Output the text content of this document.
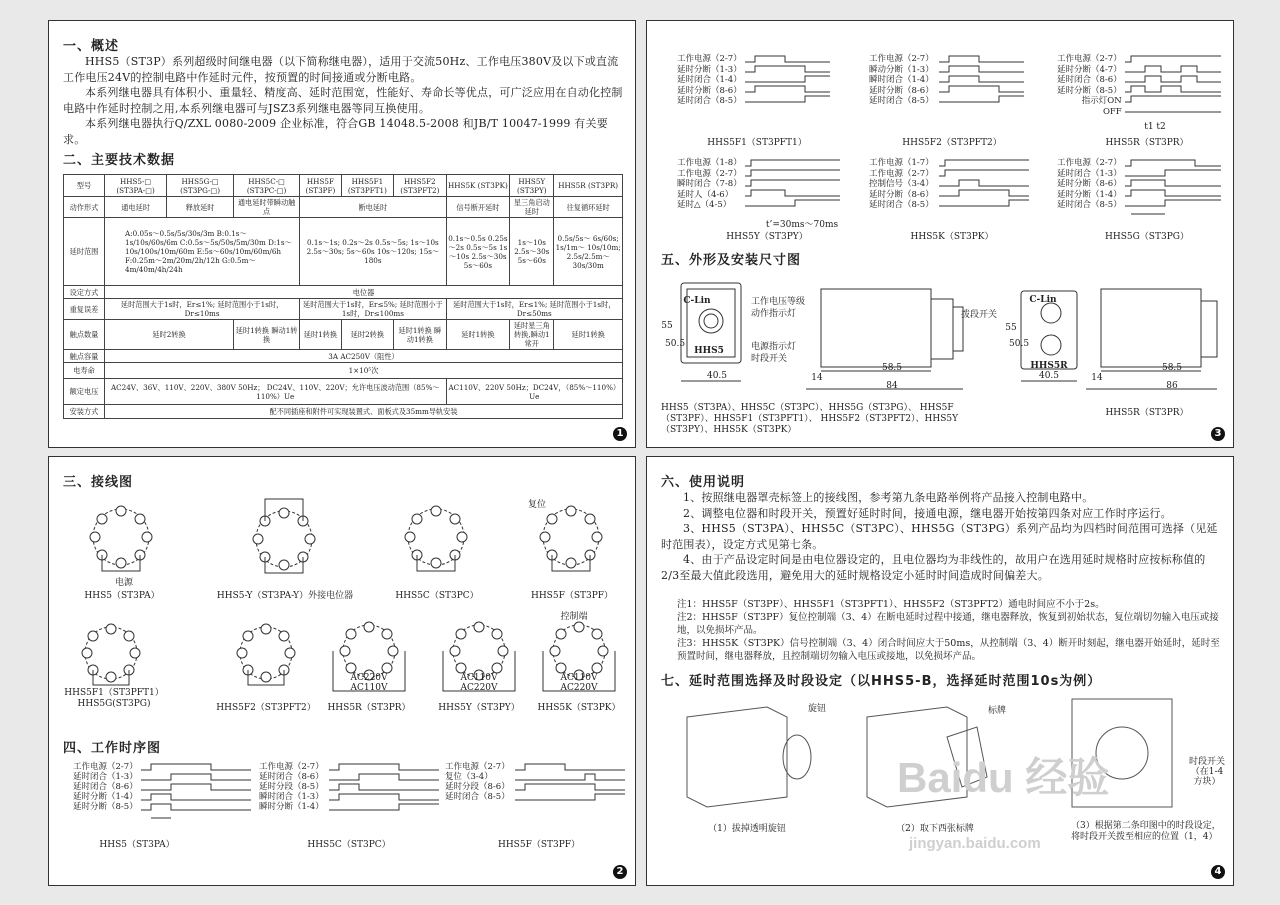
一、概述

HHS5（ST3P）系列超级时间继电器（以下简称继电器），适用于交流50Hz、工作电压380V及以下或直流工作电压24V的控制电路中作延时元件，按预置的时间接通或分断电路。

本系列继电器具有体积小、重量轻、精度高、延时范围宽，性能好、寿命长等优点，可广泛应用在自动化控制电路中作延时控制之用,本系列继电器可与JSZ3系列继电器等同互换使用。

本系列继电器执行Q/ZXL 0080-2009 企业标准，符合GB 14048.5-2008 和JB/T 10047-1999 有关要求。

二、主要技术数据
型号	HHS5-□ (ST3PA-□)	HHS5G-□ (ST3PG-□)	HHS5C-□ (ST3PC-□)	HHS5F (ST3PF)	HHS5F1 (ST3PFT1)	HHS5F2 (ST3PFT2)	HHS5K (ST3PK)	HHS5Y (ST3PY)	HHS5R (ST3PR)
动作形式	通电延时	释放延时	通电延时带瞬动触点	断电延时			信号断开延时	星三角启动延时	往复循环延时
延时范围	A:0.05s～0.5s/5s/30s/3m B:0.1s～1s/10s/60s/6m C:0.5s～5s/50s/5m/30m D:1s～10s/100s/10m/60m E:5s～60s/10m/60m/6h F:0.25m～2m/20m/2h/12h G:0.5m～4m/40m/4h/24h			0.1s～1s; 0.2s～2s 0.5s～5s; 1s～10s 2.5s～30s; 5s～60s 10s～120s; 15s～180s			0.1s～0.5s 0.25s～2s 0.5s～5s 1s～10s 2.5s～30s 5s～60s	1s～10s 2.5s～30s 5s～60s	0.5s/5s～ 6s/60s; 1s/1m～ 10s/10m; 2.5s/2.5m～ 30s/30m
设定方式	电位器								
重复误差	延时范围大于1s时，Er≤1%; 延时范围小于1s时，Dr≤10ms			延时范围大于1s时，Er≤5%; 延时范围小于1s时，Dr≤100ms			延时范围大于1s时，Er≤1%; 延时范围小于1s时，Dr≤50ms		
触点数量	延时2转换		延时1转换 瞬动1转换	延时1转换	延时2转换	延时1转换 瞬动1转换	延时1转换	延时星三角转换,瞬动1常开	延时1转换
触点容量	3A AC250V（阻性）								
电寿命	1×10⁵次								
额定电压	AC24V、36V、110V、220V、380V 50Hz； DC24V、110V、220V；允许电压波动范围（85%～110%）Ue						AC110V、220V 50Hz；DC24V，（85%～110%）Ue		
安装方式	配不同插座和附件可实现装置式、面板式及35mm导轨安装								
1
三、接线图
电源
HHS5（ST3PA）	HHS5-Y（ST3PA-Y）外接电位器	HHS5C（ST3PC）
复位
HHS5F（ST3PF）
HHS5F1（ST3PFT1） HHS5G(ST3PG)	HHS5F2（ST3PFT2）
AC220V
AC110V
HHS5R（ST3PR）
AC110V
AC220V
HHS5Y（ST3PY）
控制端
AC110V
AC220V
HHS5K（ST3PK）
四、工作时序图
工作电源（2-7）
延时闭合（1-3）
延时闭合（8-6）
延时分断（1-4）
延时分断（8-5）
HHS5（ST3PA）
工作电源（2-7）
延时闭合（8-6）
延时分段（8-5）
瞬时闭合（1-3）
瞬时分断（1-4）
HHS5C（ST3PC）
工作电源（2-7）
复位（3-4）
延时分段（8-6）
延时闭合（8-5）
HHS5F（ST3PF）
2
工作电源（2-7）
延时分断（1-3）
延时闭合（1-4）
延时分断（8-6）
延时闭合（8-5）
HHS5F1（ST3PFT1）
工作电源（2-7）
瞬动分断（1-3）
瞬时闭合（1-4）
延时分断（8-6）
延时闭合（8-5）
HHS5F2（ST3PFT2）
工作电源（2-7）
延时分断（4-7）
延时闭合（8-6）
延时分断（8-5）
指示灯ON
OFF
t1 t2
HHS5R（ST3PR）
工作电源（1-8）
工作电源（2-7）
瞬时闭合（7-8）
延时人（4-6）
延时△（4-5）
t’=30ms～70ms
HHS5Y（ST3PY）
工作电源（1-7）
工作电源（2-7）
控制信号（3-4）
延时分断（8-6）
延时闭合（8-5）
HHS5K（ST3PK）
工作电源（2-7）
延时闭合（1-3）
延时分断（8-6）
延时分断（1-4）
延时闭合（8-5）
HHS5G（ST3PG）
五、外形及安装尺寸图
55
50.5
40.5
C-Lin
HHS5
工作电压等级
动作指示灯
电源指示灯
时段开关
14
58.5
84
拨段开关
55
50.5
40.5
C-Lin
HHS5R
14
58.5
86
HHS5（ST3PA）、HHS5C（ST3PC）、HHS5G（ST3PG）、 HHS5F（ST3PF）、HHS5F1（ST3PFT1）、 HHS5F2（ST3PFT2）、HHS5Y（ST3PY）、HHS5K（ST3PK）
HHS5R（ST3PR）
3
六、使用说明

1、按照继电器罩壳标签上的接线图，参考第九条电路举例将产品接入控制电路中。

2、调整电位器和时段开关，预置好延时时间，接通电源，继电器开始按第四条对应工作时序运行。

3、HHS5（ST3PA）、HHS5C（ST3PC）、HHS5G（ST3PG）系列产品均为四档时间范围可选择（见延时范围表），设定方式见第七条。

4、由于产品设定时间是由电位器设定的，且电位器均为非线性的，故用户在选用延时规格时应按标称值的2/3至最大值此段选用，避免用大的延时规格设定小延时时间造成时间偏差大。

注1：HHS5F（ST3PF）、HHS5F1（ST3PFT1）、HHS5F2（ST3PFT2）通电时间应不小于2s。
注2：HHS5F（ST3PF）复位控制端（3、4）在断电延时过程中接通，继电器释放，恢复到初始状态，复位端切勿输入电压或接地，以免损坏产品。
注3：HHS5K（ST3PK）信号控制端（3、4）闭合时间应大于50ms，从控制端（3、4）断开时刻起，继电器开始延时，延时至预置时间，继电器释放，且控制端切勿输入电压或接地，以免损坏产品。
七、延时范围选择及时段设定（以HHS5-B，选择延时范围10s为例）
旋钮	标牌
时段开关 （在1-4方块）
（1）拔掉透明旋钮	（2）取下西张标牌	（3）根据第二条印图中的时段设定，将时段开关拨至相应的位置（1，4）
Baidu 经验
jingyan.baidu.com
4
